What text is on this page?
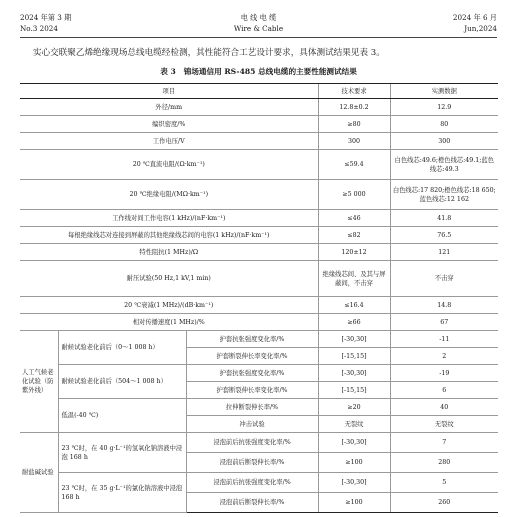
2024 年第 3 期
No.3 2024
电 线 电 缆
Wire & Cable
2024 年 6 月
Jun,2024
实心交联聚乙烯绝缘现场总线电缆经检测，其性能符合工艺设计要求，具体测试结果见表 3。
表 3 锦场通信用 RS-485 总线电缆的主要性能测试结果
项目			技术要求	实测数据
外径/mm			12.8±0.2	12.9
编织密度/%			≥80	80
工作电压/V			300	300
20 ℃直流电阻/(Ω·km⁻¹)			≤59.4	白色线芯:49.6;橙色线芯:49.1;蓝色线芯:49.3
20 ℃绝缘电阻/(MΩ·km⁻¹)			≥5 000	白色线芯:17 820;橙色线芯:18 650;蓝色线芯:12 162
工作线对间工作电容(1 kHz)/(nF·km⁻¹)			≤46	41.8
每根绝缘线芯对连接到屏蔽的其他绝缘线芯间的电容(1 kHz)/(nF·km⁻¹)			≤82	76.5
特性阻抗(1 MHz)/Ω			120±12	121
耐压试验(50 Hz,1 kV,1 min)			绝缘线芯间、及其与屏蔽间，不击穿	不击穿
20 ℃衰减(1 MHz)/(dB·km⁻¹)			≤16.4	14.8
相对传播速度(1 MHz)/%			≥66	67
人工气候老化试验（防紫外线）	耐候试验老化前后（0～1 008 h）	护套抗张强度变化率/%	[-30,30]	-11
		护套断裂伸长率变化率/%	[-15,15]	2
	耐候试验老化前后（504～1 008 h）	护套抗张强度变化率/%	[-30,30]	-19
		护套断裂伸长率变化率/%	[-15,15]	6
	低温(-40 ℃)	拉伸断裂伸长率/%	≥20	40
		冲击试验	无裂纹	无裂纹
耐盐碱试验	23 ℃时，在 40 g·L⁻¹的氢氧化钠溶液中浸泡 168 h	浸泡前后抗张强度变化率/%	[-30,30]	7
		浸泡前后断裂伸长率/%	≥100	280
	23 ℃时，在 35 g·L⁻¹的氯化钠溶液中浸泡 168 h	浸泡前后抗张强度变化率/%	[-30,30]	5
		浸泡前后断裂伸长率/%	≥100	260
